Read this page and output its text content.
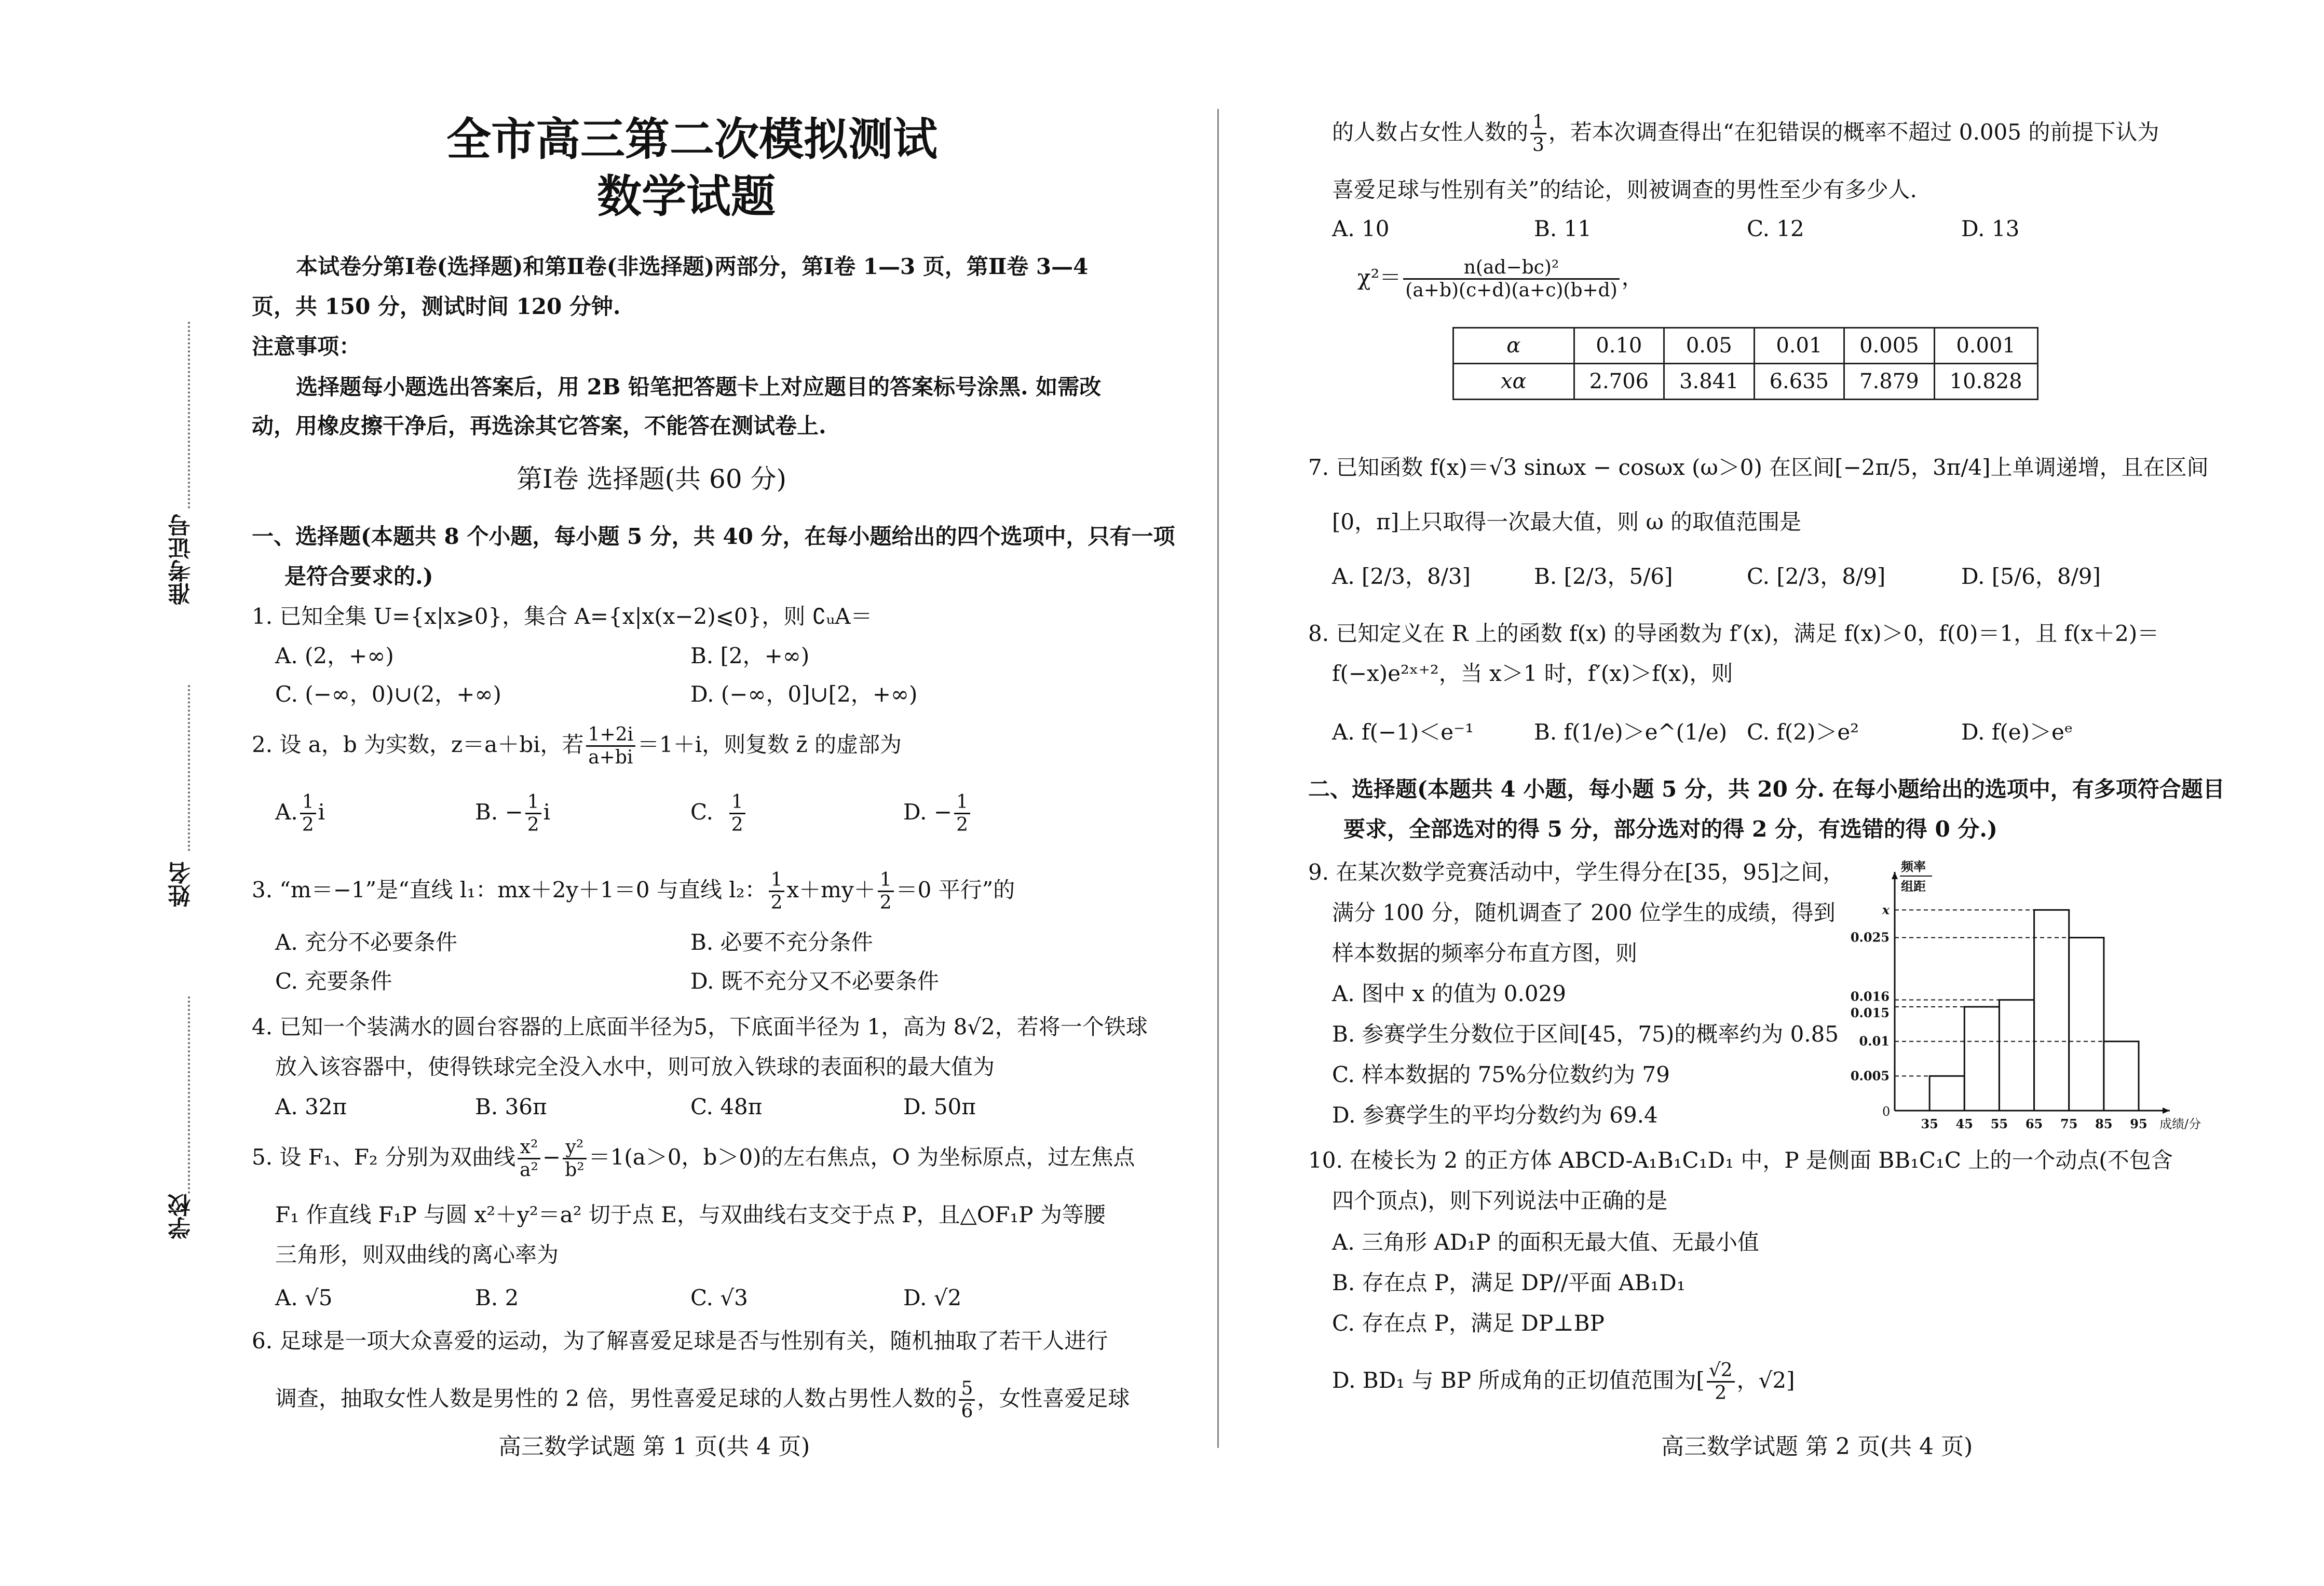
准考证号
姓名
学校
全市高三第二次模拟测试
数学试题
本试卷分第Ⅰ卷(选择题)和第Ⅱ卷(非选择题)两部分，第Ⅰ卷 1—3 页，第Ⅱ卷 3—4
页，共 150 分，测试时间 120 分钟.
注意事项：
选择题每小题选出答案后，用 2B 铅笔把答题卡上对应题目的答案标号涂黑. 如需改
动，用橡皮擦干净后，再选涂其它答案，不能答在测试卷上.
第Ⅰ卷 选择题(共 60 分)
一、选择题(本题共 8 个小题，每小题 5 分，共 40 分，在每小题给出的四个选项中，只有一项
是符合要求的.)
1. 已知全集 U={x|x⩾0}，集合 A={x|x(x−2)⩽0}，则 ∁ᵤA＝
A. (2，+∞)	B. [2，+∞)
C. (−∞，0)∪(2，+∞)	D. (−∞，0]∪[2，+∞)
2. 设 a，b 为实数，z＝a＋bi，若 $\frac{1+2i}{a+bi} =1+i$，则复数 z̄ 的虚部为
A. $\frac{1}{2}$ i	B. − $\frac{1}{2}$ i	C. $\frac{1}{2}$	D. − $\frac{1}{2}$
3. “m＝−1”是“直线 l₁：mx＋2y＋1＝0 与直线 l₂： $\frac{1}{2} x+my+ \frac{1}{2} =0$ 平行”的
A. 充分不必要条件	B. 必要不充分条件
C. 充要条件	D. 既不充分又不必要条件
4. 已知一个装满水的圆台容器的上底面半径为5，下底面半径为 1，高为 8√2，若将一个铁球
放入该容器中，使得铁球完全没入水中，则可放入铁球的表面积的最大值为
A. 32π	B. 36π	C. 48π	D. 50π
5. 设 F₁、F₂ 分别为双曲线 $\frac{\text{x²}}{\text{a²}} - \frac{\text{y²}}{\text{b²}} =1(a>0$，b＞0)的左右焦点，O 为坐标原点，过左焦点
F₁ 作直线 F₁P 与圆 x²＋y²＝a² 切于点 E，与双曲线右支交于点 P，且△OF₁P 为等腰
三角形，则双曲线的离心率为
A. √5	B. 2	C. √3	D. √2
6. 足球是一项大众喜爱的运动，为了解喜爱足球是否与性别有关，随机抽取了若干人进行
调查，抽取女性人数是男性的 2 倍，男性喜爱足球的人数占男性人数的 $\frac{5}{6}$ ，女性喜爱足球
高三数学试题 第 1 页(共 4 页)
的人数占女性人数的 $\frac{1}{3}$ ，若本次调查得出“在犯错误的概率不超过 0.005 的前提下认为
喜爱足球与性别有关”的结论，则被调查的男性至少有多少人.
A. 10	B. 11	C. 12	D. 13
$\chi^2= \frac{\text{n(ad−bc)²}}{(a+b)(c+d)(a+c)(b+d)}$ ，
α	0.10	0.05	0.01	0.005	0.001
xα	2.706	3.841	6.635	7.879	10.828
7. 已知函数 f(x)＝√3 sinωx − cosωx (ω＞0) 在区间[−2π/5，3π/4]上单调递增，且在区间
[0，π]上只取得一次最大值，则 ω 的取值范围是
A. [2/3，8/3]	B. [2/3，5/6]	C. [2/3，8/9]	D. [5/6，8/9]
8. 已知定义在 R 上的函数 f(x) 的导函数为 f′(x)，满足 f(x)＞0，f(0)＝1，且 f(x＋2)＝
f(−x)e²ˣ⁺²，当 x＞1 时，f′(x)＞f(x)，则
A. f(−1)＜e⁻¹	B. f(1/e)＞e^(1/e) C. f(2)＞e²	D. f(e)＞eᵉ
二、选择题(本题共 4 小题，每小题 5 分，共 20 分. 在每小题给出的选项中，有多项符合题目
要求，全部选对的得 5 分，部分选对的得 2 分，有选错的得 0 分.)
9. 在某次数学竞赛活动中，学生得分在[35，95]之间，
满分 100 分，随机调查了 200 位学生的成绩，得到
样本数据的频率分布直方图，则
A. 图中 x 的值为 0.029
B. 参赛学生分数位于区间[45，75)的概率约为 0.85
C. 样本数据的 75%分位数约为 79
D. 参赛学生的平均分数约为 69.4
频率
组距
成绩/分
0
x
0.025
0.016
0.015
0.01
0.005
35 45 55 65 75 85 95
10. 在棱长为 2 的正方体 ABCD-A₁B₁C₁D₁ 中，P 是侧面 BB₁C₁C 上的一个动点(不包含
四个顶点)，则下列说法中正确的是
A. 三角形 AD₁P 的面积无最大值、无最小值
B. 存在点 P，满足 DP//平面 AB₁D₁
C. 存在点 P，满足 DP⊥BP
D. BD₁ 与 BP 所成角的正切值范围为[ $\frac{√2}{2}$ ，√2]
高三数学试题 第 2 页(共 4 页)
